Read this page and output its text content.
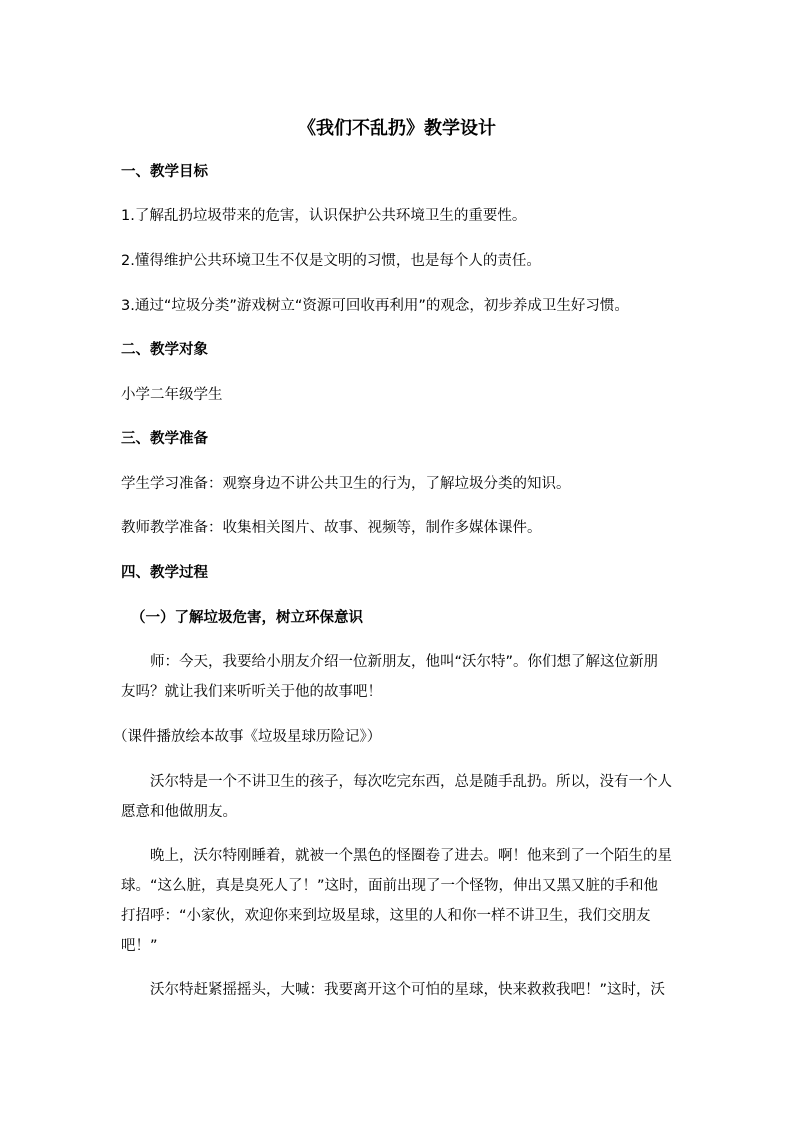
《我们不乱扔》教学设计

一、教学目标

1.了解乱扔垃圾带来的危害，认识保护公共环境卫生的重要性。

2.懂得维护公共环境卫生不仅是文明的习惯，也是每个人的责任。

3.通过“垃圾分类”游戏树立“资源可回收再利用”的观念，初步养成卫生好习惯。

二、教学对象

小学二年级学生

三、教学准备

学生学习准备：观察身边不讲公共卫生的行为，了解垃圾分类的知识。

教师教学准备：收集相关图片、故事、视频等，制作多媒体课件。

四、教学过程

（一）了解垃圾危害，树立环保意识

师：今天，我要给小朋友介绍一位新朋友，他叫“沃尔特”。你们想了解这位新朋

友吗？就让我们来听听关于他的故事吧！

（课件播放绘本故事《垃圾星球历险记》）

沃尔特是一个不讲卫生的孩子，每次吃完东西，总是随手乱扔。所以，没有一个人

愿意和他做朋友。

晚上，沃尔特刚睡着，就被一个黑色的怪圈卷了进去。啊！他来到了一个陌生的星

球。“这么脏，真是臭死人了！”这时，面前出现了一个怪物，伸出又黑又脏的手和他

打招呼：“小家伙，欢迎你来到垃圾星球，这里的人和你一样不讲卫生，我们交朋友

吧！”

沃尔特赶紧摇摇头，大喊：我要离开这个可怕的星球，快来救救我吧！”这时，沃
